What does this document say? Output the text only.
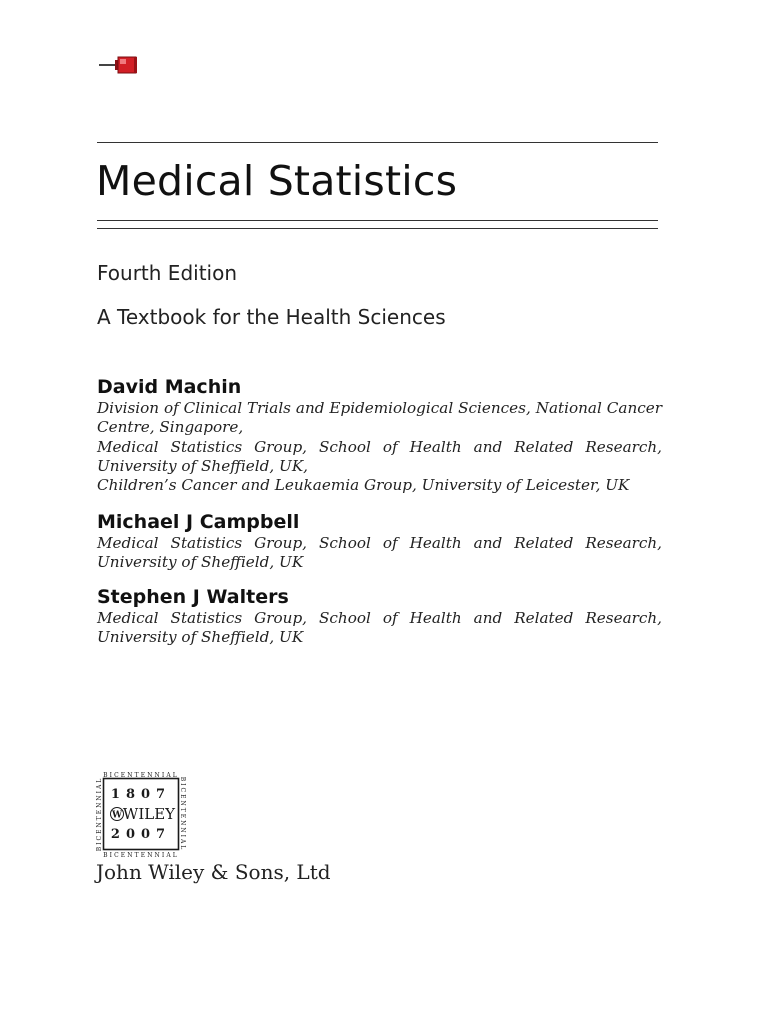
Medical Statistics
Fourth Edition
A Textbook for the Health Sciences
David Machin
Division of Clinical Trials and Epidemiological Sciences, National Cancer Centre, Singapore,
Medical Statistics Group, School of Health and Related Research, University of Sheffield, UK,
Children’s Cancer and Leukaemia Group, University of Leicester, UK
Michael J Campbell
Medical Statistics Group, School of Health and Related Research, University of Sheffield, UK
Stephen J Walters
Medical Statistics Group, School of Health and Related Research, University of Sheffield, UK
BICENTENNIAL
BICENTENNIAL
BICENTENNIAL	BICENTENNIAL
1807
W WILEY
2007
John Wiley & Sons, Ltd
